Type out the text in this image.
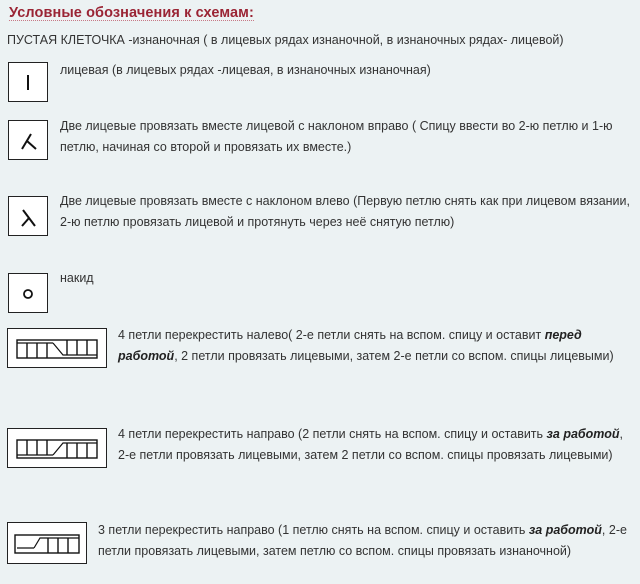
Условные обозначения к схемам:
ПУСТАЯ КЛЕТОЧКА -изнаночная ( в лицевых рядах изнаночной, в изнаночных рядах- лицевой)
лицевая (в лицевых рядах -лицевая, в изнаночных изнаночная)
Две лицевые провязать вместе лицевой с наклоном вправо ( Спицу ввести во 2-ю петлю и 1-ю петлю, начиная со второй и провязать их вместе.)
Две лицевые провязать вместе с наклоном влево (Первую петлю снять как при лицевом вязании, 2-ю петлю провязать лицевой и протянуть через неё снятую петлю)
накид
4 петли перекрестить налево( 2-е петли снять на вспом. спицу и оставит перед работой, 2 петли провязать лицевыми, затем 2-е петли со вспом. спицы лицевыми)
4 петли перекрестить направо (2 петли снять на вспом. спицу и оставить за работой, 2-е петли провязать лицевыми, затем 2 петли со вспом. спицы провязать лицевыми)
3 петли перекрестить направо (1 петлю снять на вспом. спицу и оставить за работой, 2-е петли провязать лицевыми, затем петлю со вспом. спицы провязать изнаночной)
